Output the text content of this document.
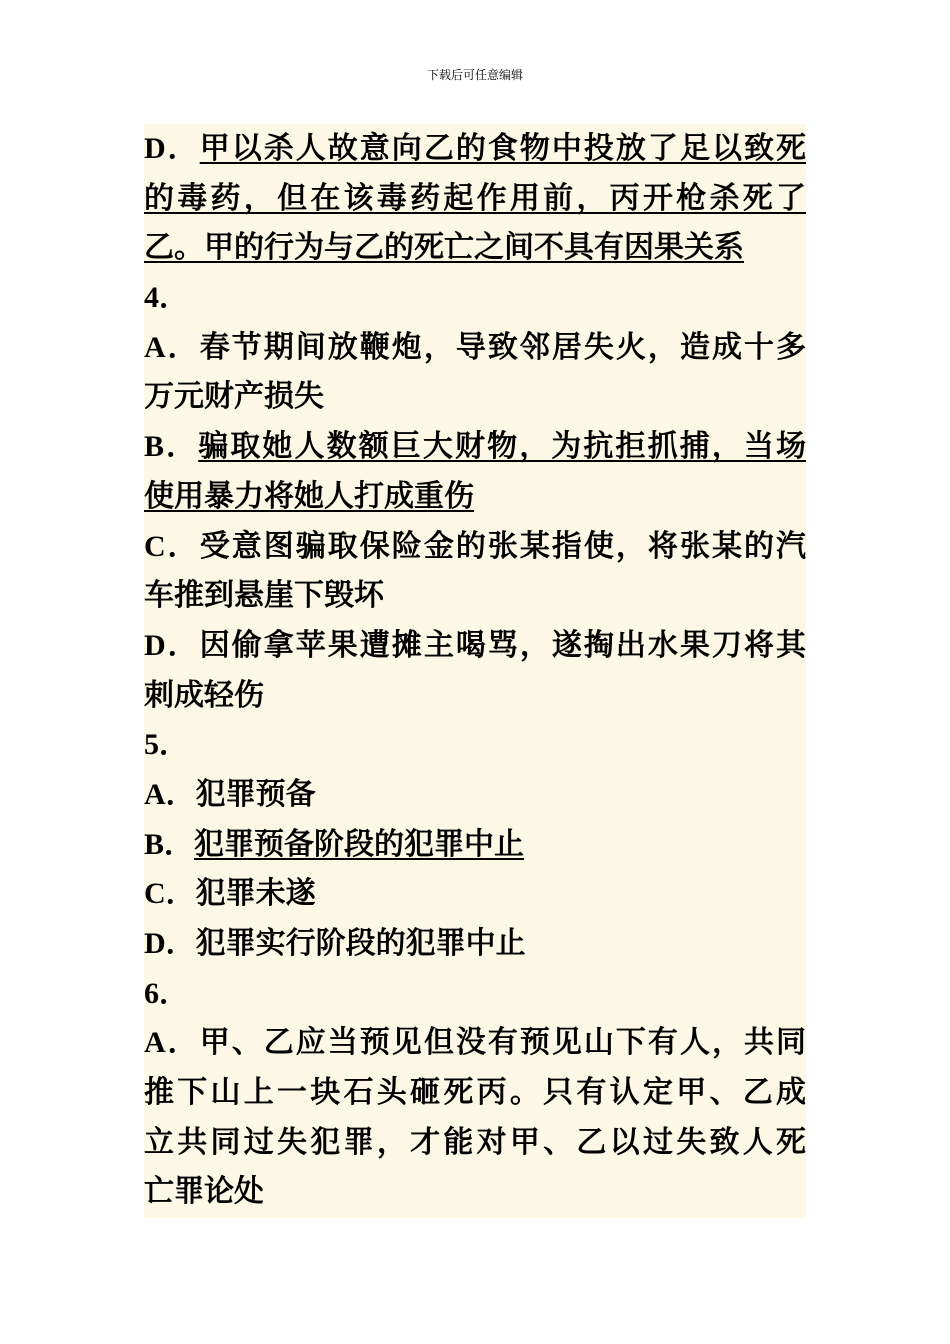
下载后可任意编辑
D．甲以杀人故意向乙的食物中投放了足以致死
的毒药，但在该毒药起作用前，丙开枪杀死了
乙。甲的行为与乙的死亡之间不具有因果关系
4．
A．春节期间放鞭炮，导致邻居失火，造成十多
万元财产损失
B．骗取她人数额巨大财物，为抗拒抓捕，当场
使用暴力将她人打成重伤
C．受意图骗取保险金的张某指使，将张某的汽
车推到悬崖下毁坏
D．因偷拿苹果遭摊主喝骂，遂掏出水果刀将其
刺成轻伤
5．
A．犯罪预备
B．犯罪预备阶段的犯罪中止
C．犯罪未遂
D．犯罪实行阶段的犯罪中止
6．
A．甲、乙应当预见但没有预见山下有人，共同
推下山上一块石头砸死丙。只有认定甲、乙成
立共同过失犯罪，才能对甲、乙以过失致人死
亡罪论处
